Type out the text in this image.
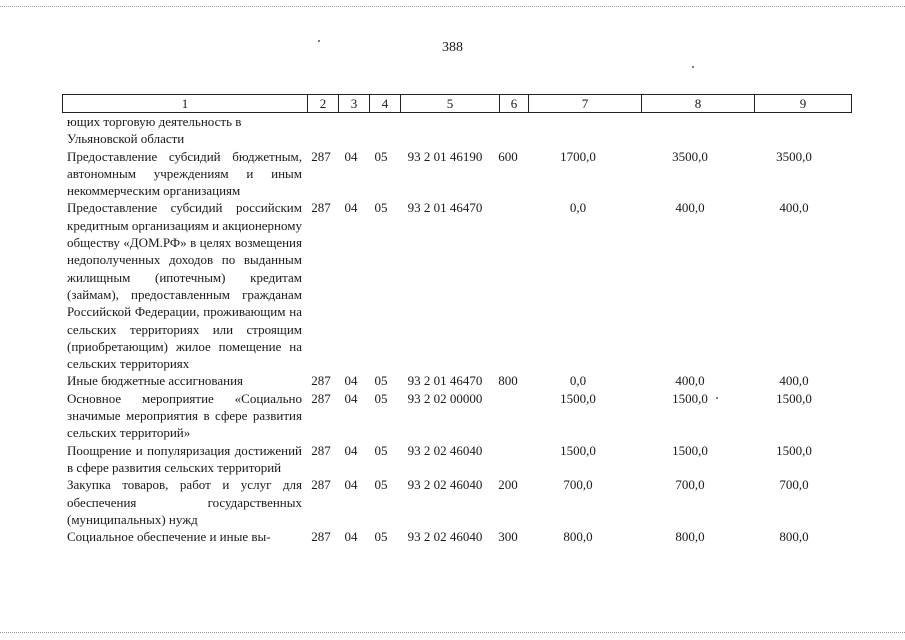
388
1	2	3	4	5	6	7	8	9
ющих торговую деятельность в Ульяновской области								
Предоставление субсидий бюджетным, автономным учреждениям и иным некоммерческим организациям	287	04	05	93 2 01 46190	600	1700,0	3500,0	3500,0
Предоставление субсидий российским кредитным организациям и акционерному обществу «ДОМ.РФ» в целях возмещения недополученных доходов по выданным жилищным (ипотечным) кредитам (займам), предоставленным гражданам Российской Федерации, проживающим на сельских территориях или строящим (приобретающим) жилое помещение на сельских территориях	287	04	05	93 2 01 46470		0,0	400,0	400,0
Иные бюджетные ассигнования	287	04	05	93 2 01 46470	800	0,0	400,0	400,0
Основное мероприятие «Социально значимые мероприятия в сфере развития сельских территорий»	287	04	05	93 2 02 00000		1500,0	1500,0	1500,0
Поощрение и популяризация достижений в сфере развития сельских территорий	287	04	05	93 2 02 46040		1500,0	1500,0	1500,0
Закупка товаров, работ и услуг для обеспечения государственных (муниципальных) нужд	287	04	05	93 2 02 46040	200	700,0	700,0	700,0
Социальное обеспечение и иные вы-	287	04	05	93 2 02 46040	300	800,0	800,0	800,0
